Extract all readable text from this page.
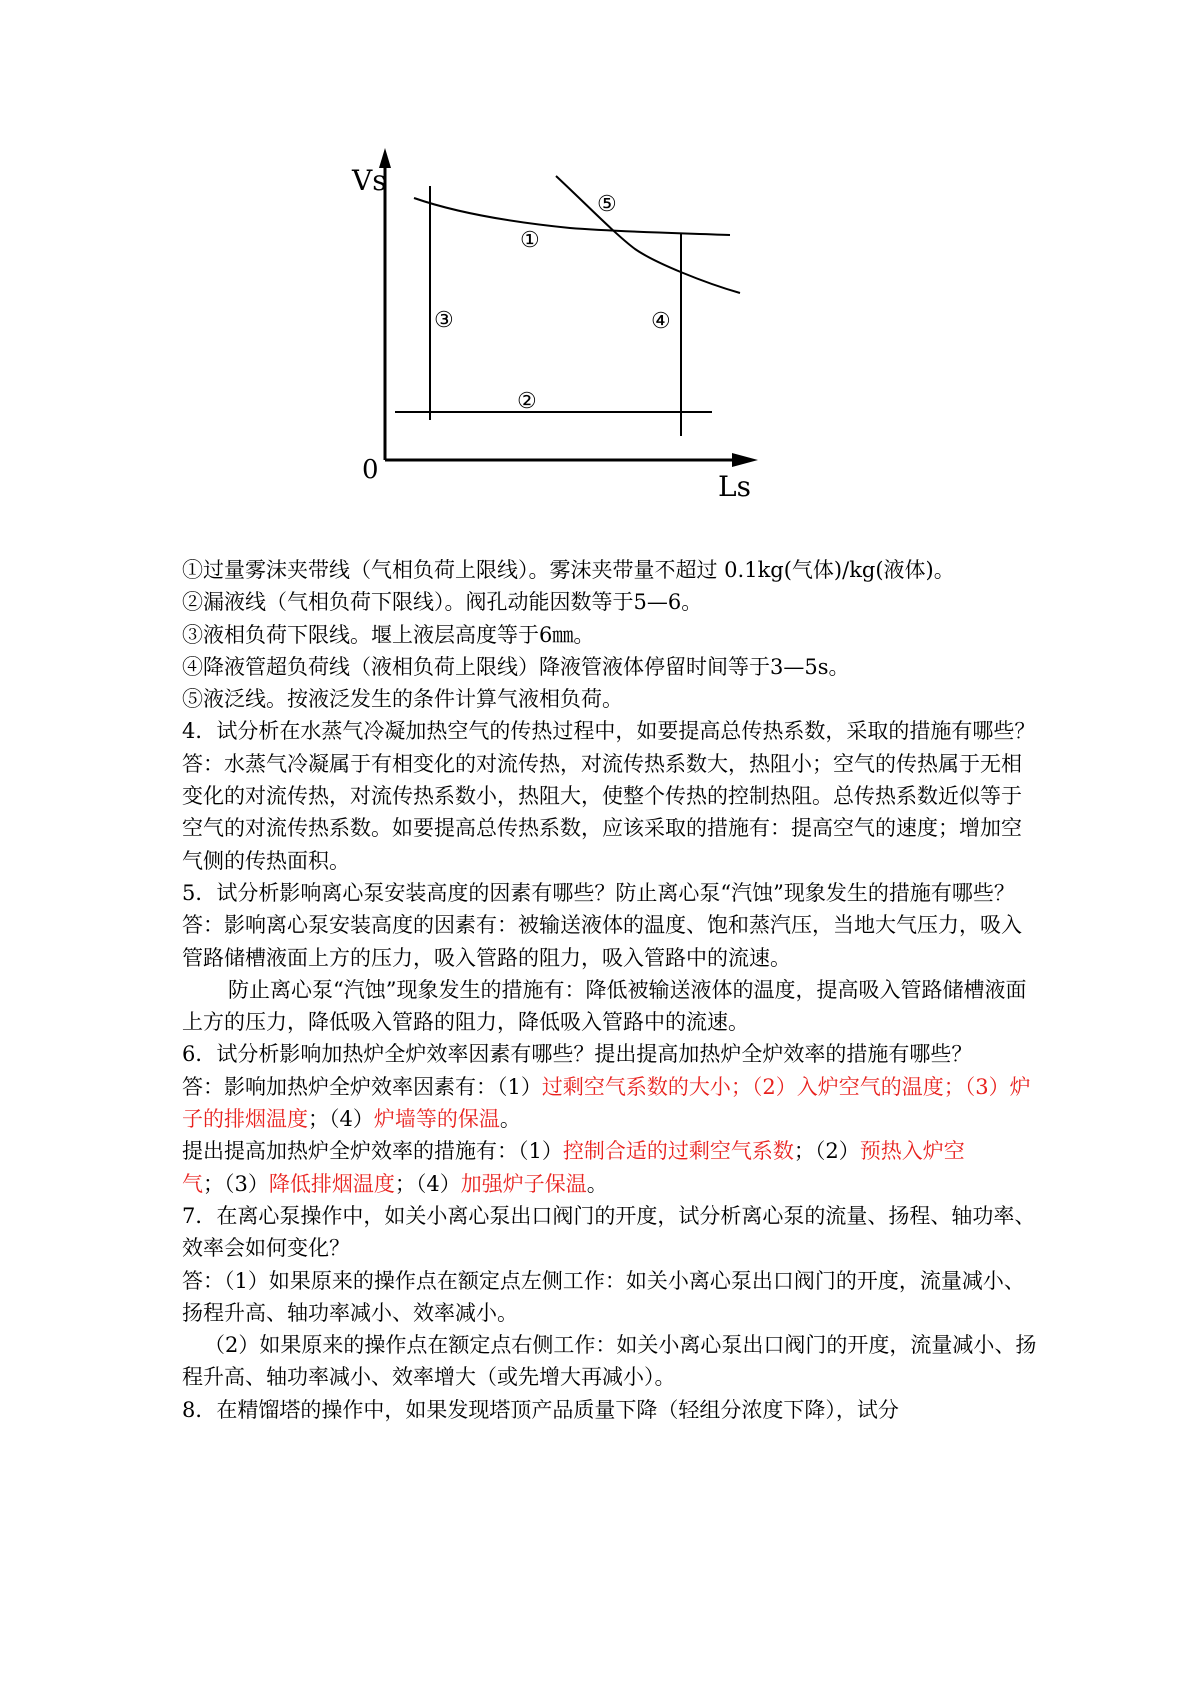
Vs
Ls
0
①
②
③	④
⑤

①过量雾沫夹带线（气相负荷上限线）。雾沫夹带量不超过 0.1kg(气体)/kg(液体)。

②漏液线（气相负荷下限线）。阀孔动能因数等于5—6。

③液相负荷下限线。堰上液层高度等于6㎜。

④降液管超负荷线（液相负荷上限线）降液管液体停留时间等于3—5s。

⑤液泛线。按液泛发生的条件计算气液相负荷。

4．试分析在水蒸气冷凝加热空气的传热过程中，如要提高总传热系数，采取的措施有哪些？

答：水蒸气冷凝属于有相变化的对流传热，对流传热系数大，热阻小；空气的传热属于无相变化的对流传热，对流传热系数小，热阻大，使整个传热的控制热阻。总传热系数近似等于空气的对流传热系数。如要提高总传热系数，应该采取的措施有：提高空气的速度；增加空气侧的传热面积。

5．试分析影响离心泵安装高度的因素有哪些？防止离心泵“汽蚀”现象发生的措施有哪些？

答：影响离心泵安装高度的因素有：被输送液体的温度、饱和蒸汽压，当地大气压力，吸入管路储槽液面上方的压力，吸入管路的阻力，吸入管路中的流速。

防止离心泵“汽蚀”现象发生的措施有：降低被输送液体的温度，提高吸入管路储槽液面上方的压力，降低吸入管路的阻力，降低吸入管路中的流速。

6．试分析影响加热炉全炉效率因素有哪些？提出提高加热炉全炉效率的措施有哪些？

答：影响加热炉全炉效率因素有：（1）过剩空气系数的大小；（2）入炉空气的温度；（3）炉子的排烟温度；（4）炉墙等的保温。

提出提高加热炉全炉效率的措施有：（1）控制合适的过剩空气系数；（2）预热入炉空气；（3）降低排烟温度；（4）加强炉子保温。

7．在离心泵操作中，如关小离心泵出口阀门的开度，试分析离心泵的流量、扬程、轴功率、效率会如何变化？

答：（1）如果原来的操作点在额定点左侧工作：如关小离心泵出口阀门的开度，流量减小、扬程升高、轴功率减小、效率减小。

（2）如果原来的操作点在额定点右侧工作：如关小离心泵出口阀门的开度，流量减小、扬程升高、轴功率减小、效率增大（或先增大再减小）。

8．在精馏塔的操作中，如果发现塔顶产品质量下降（轻组分浓度下降），试分
